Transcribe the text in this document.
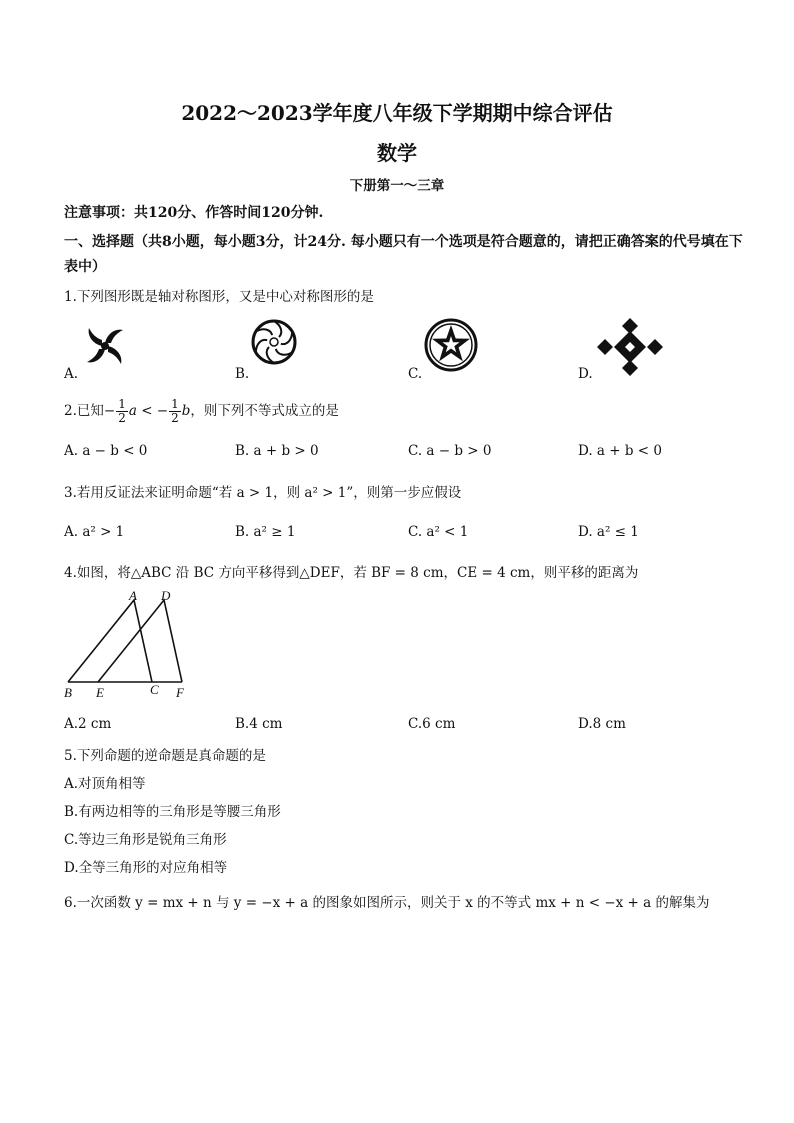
2022～2023学年度八年级下学期期中综合评估
数学
下册第一～三章
注意事项：共120分、作答时间120分钟.
一、选择题（共8小题，每小题3分，计24分. 每小题只有一个选项是符合题意的，请把正确答案的代号填在下表中）
1.下列图形既是轴对称图形，又是中心对称图形的是
A.	B.	C.	D.
2.已知− $\frac{1}{2}$ a < − $\frac{1}{2}$ b，则下列不等式成立的是
A. a − b < 0	B. a + b > 0	C. a − b > 0	D. a + b < 0
3.若用反证法来证明命题“若 a > 1，则 a² > 1”，则第一步应假设
A. a² > 1	B. a² ≥ 1	C. a² < 1	D. a² ≤ 1
4.如图，将△ABC 沿 BC 方向平移得到△DEF，若 BF = 8 cm，CE = 4 cm，则平移的距离为
A D
B E	C F
A.2 cm	B.4 cm	C.6 cm	D.8 cm
5.下列命题的逆命题是真命题的是
A.对顶角相等
B.有两边相等的三角形是等腰三角形
C.等边三角形是锐角三角形
D.全等三角形的对应角相等
6.一次函数 y = mx + n 与 y = −x + a 的图象如图所示，则关于 x 的不等式 mx + n < −x + a 的解集为
